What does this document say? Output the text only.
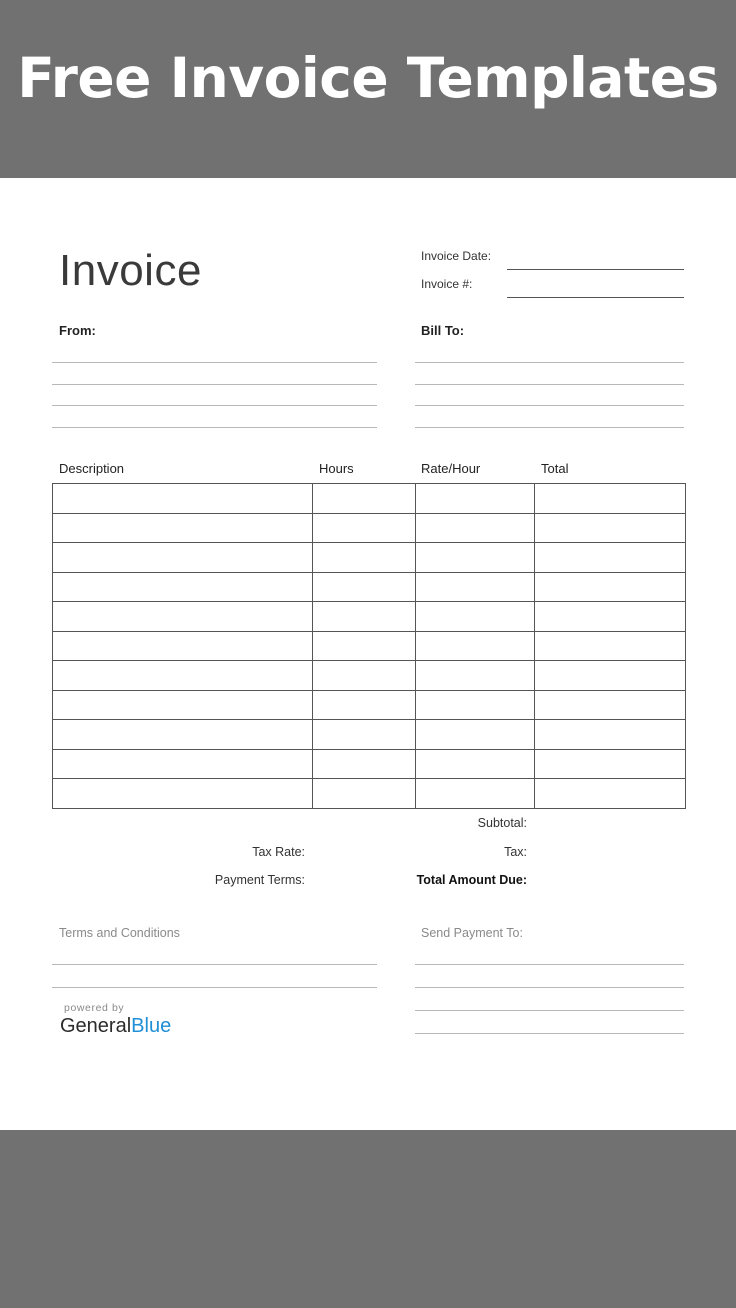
Free Invoice Templates
Invoice	Invoice Date:
Invoice #:
From:	Bill To:
Description	Hours	Rate/Hour	Total

Subtotal:
Tax Rate:	Tax:
Payment Terms:	Total Amount Due:
Terms and Conditions	Send Payment To:
powered by
GeneralBlue
